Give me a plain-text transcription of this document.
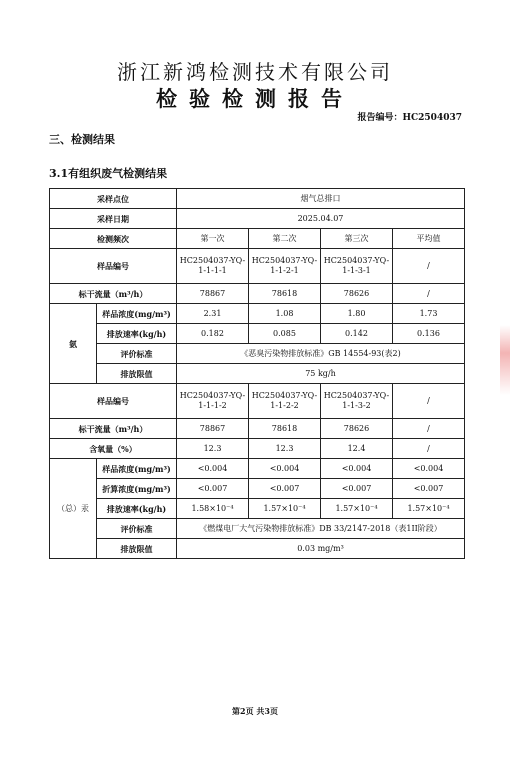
浙江新鸿检测技术有限公司
检验检测报告
报告编号：HC2504037
三、检测结果
3.1有组织废气检测结果
采样点位		烟气总排口			
采样日期		2025.04.07			
检测频次		第一次	第二次	第三次	平均值
样品编号		HC2504037-YQ-1-1-1-1	HC2504037-YQ-1-1-2-1	HC2504037-YQ-1-1-3-1	/
标干流量（m³/h）		78867	78618	78626	/
氨	样品浓度(mg/m³)	2.31	1.08	1.80	1.73
	排放速率(kg/h)	0.182	0.085	0.142	0.136
	评价标准	《恶臭污染物排放标准》GB 14554-93(表2)			
	排放限值	75 kg/h			
样品编号		HC2504037-YQ-1-1-1-2	HC2504037-YQ-1-1-2-2	HC2504037-YQ-1-1-3-2	/
标干流量（m³/h）		78867	78618	78626	/
含氧量（%）		12.3	12.3	12.4	/
（总）汞	样品浓度(mg/m³)	<0.004	<0.004	<0.004	<0.004
	折算浓度(mg/m³)	<0.007	<0.007	<0.007	<0.007
	排放速率(kg/h)	1.58×10⁻⁴	1.57×10⁻⁴	1.57×10⁻⁴	1.57×10⁻⁴
	评价标准	《燃煤电厂大气污染物排放标准》DB 33/2147-2018（表1II阶段）			
	排放限值	0.03 mg/m³			
第2页 共3页
